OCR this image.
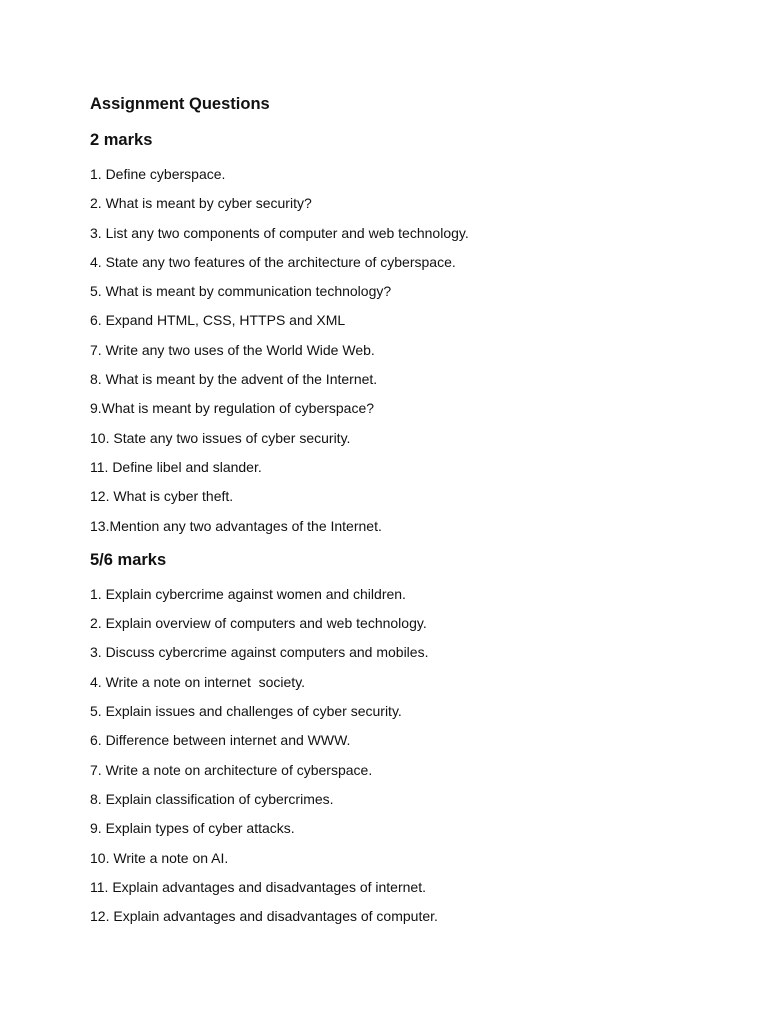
Assignment Questions
2 marks
1. Define cyberspace.
2. What is meant by cyber security?
3. List any two components of computer and web technology.
4. State any two features of the architecture of cyberspace.
5. What is meant by communication technology?
6. Expand HTML, CSS, HTTPS and XML
7. Write any two uses of the World Wide Web.
8. What is meant by the advent of the Internet.
9.What is meant by regulation of cyberspace?
10. State any two issues of cyber security.
11. Define libel and slander.
12. What is cyber theft.
13.Mention any two advantages of the Internet.
5/6 marks
1. Explain cybercrime against women and children.
2. Explain overview of computers and web technology.
3. Discuss cybercrime against computers and mobiles.
4. Write a note on internet  society.
5. Explain issues and challenges of cyber security.
6. Difference between internet and WWW.
7. Write a note on architecture of cyberspace.
8. Explain classification of cybercrimes.
9. Explain types of cyber attacks.
10. Write a note on AI.
11. Explain advantages and disadvantages of internet.
12. Explain advantages and disadvantages of computer.
